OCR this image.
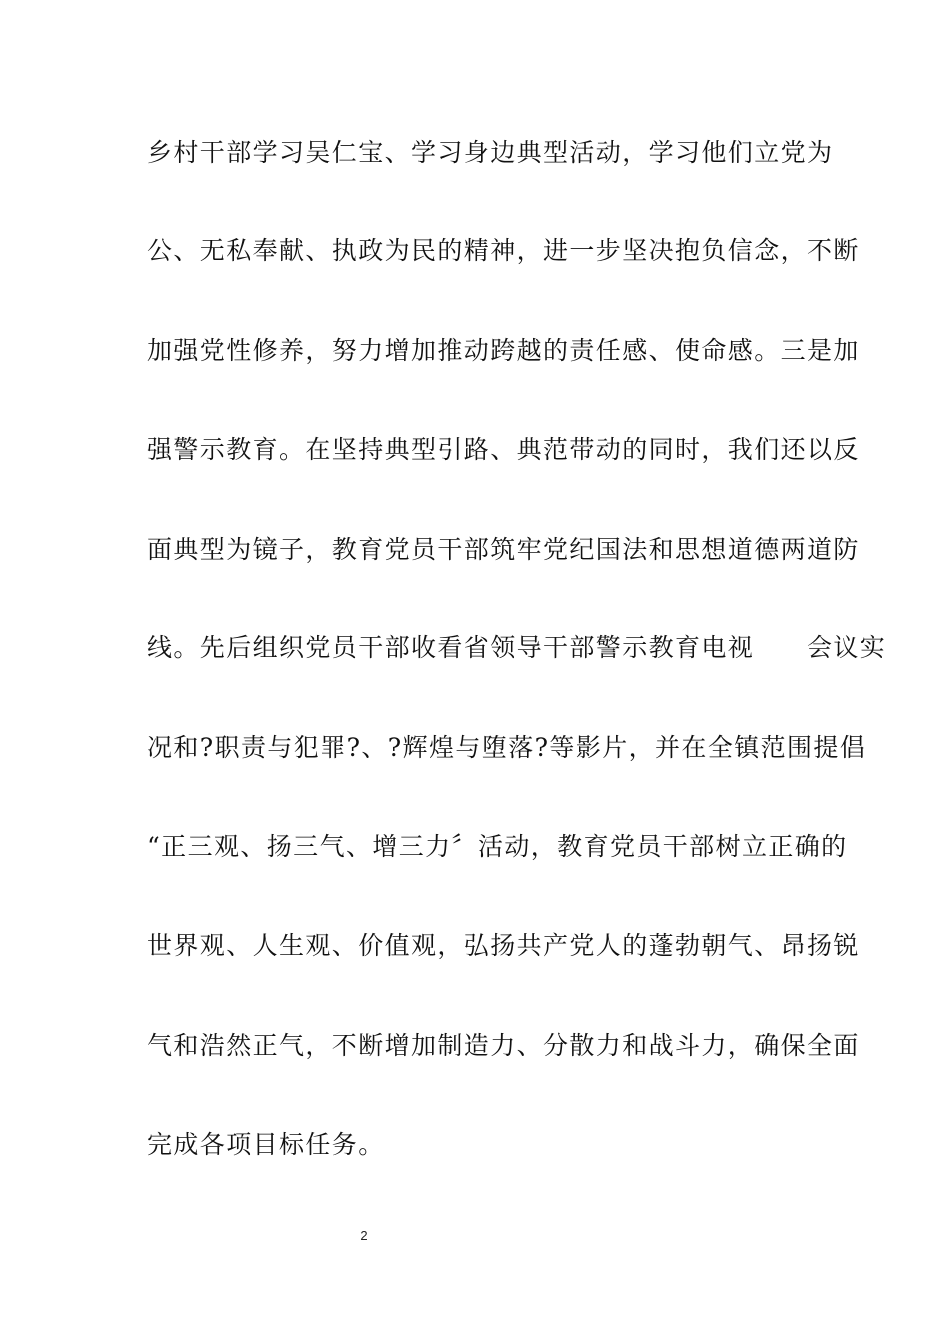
乡村干部学习吴仁宝、学习身边典型活动，学习他们立党为
公、无私奉献、执政为民的精神，进一步坚决抱负信念，不断
加强党性修养，努力增加推动跨越的责任感、使命感。三是加
强警示教育。在坚持典型引路、典范带动的同时，我们还以反
面典型为镜子，教育党员干部筑牢党纪国法和思想道德两道防
线。先后组织党员干部收看省领导干部警示教育电视　　会议实
况和?职责与犯罪?、?辉煌与堕落?等影片，并在全镇范围提倡
“正三观、扬三气、增三力〞活动，教育党员干部树立正确的
世界观、人生观、价值观，弘扬共产党人的蓬勃朝气、昂扬锐
气和浩然正气，不断增加制造力、分散力和战斗力，确保全面
完成各项目标任务。
2
